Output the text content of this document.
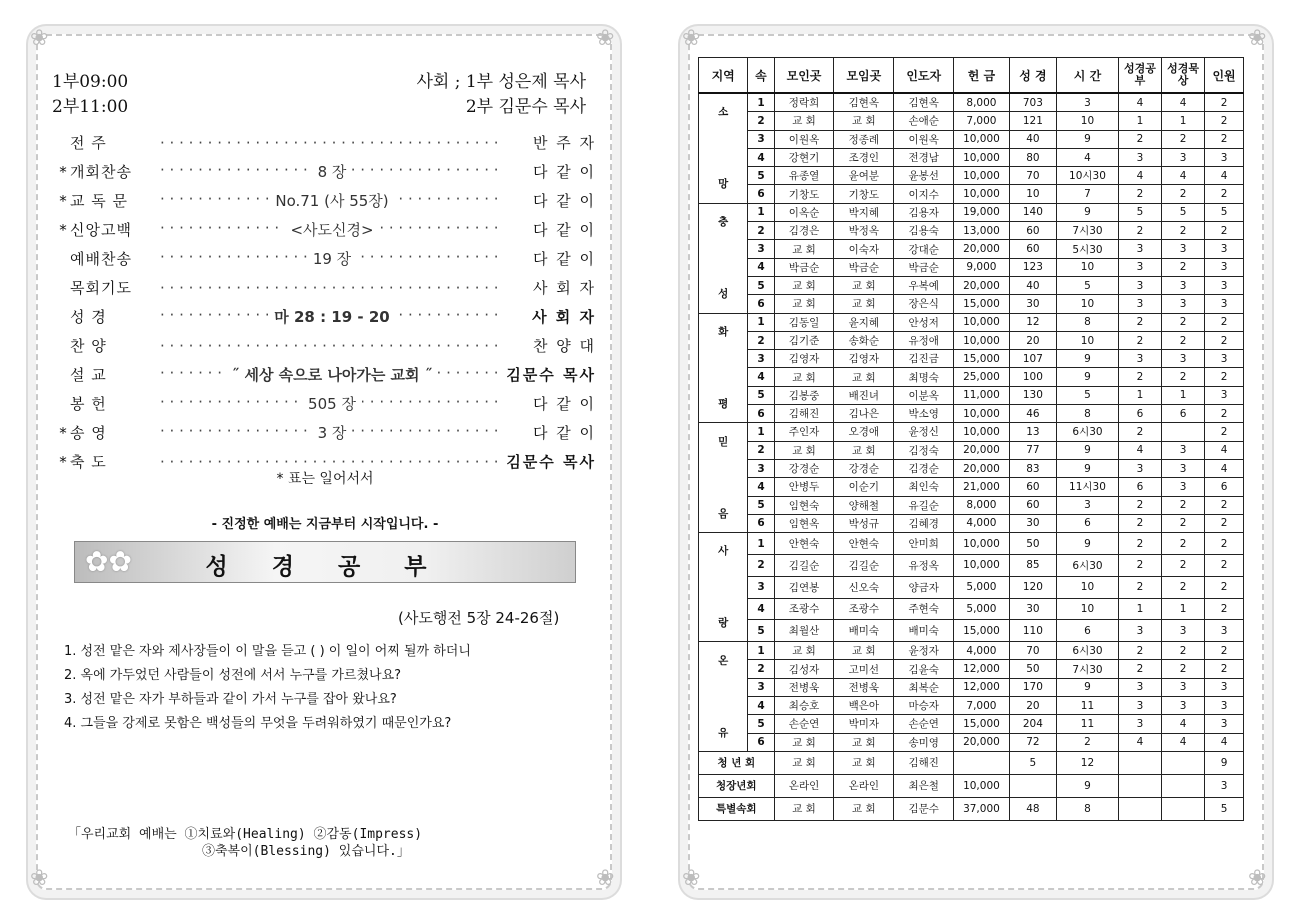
❀	❀
❀	❀
❀	❀
❀	❀
1부09:00
2부11:00
사회 ; 1부 성은제 목사
2부 김문수 목사
전 주 · · ·	반 주 자
* 개회찬송	· · · 8 장	다 같 이
* 교 독 문	· · · No.71 (사 55장)	다 같 이
* 신앙고백	· · · <사도신경>	다 같 이
예배찬송	· · · 19 장	다 같 이
목회기도 · · ·	사 회 자
성 경	· · · 마 28 : 19 - 20	사 회 자
찬 양 · · ·	찬 양 대
설 교	· · · ˝ 세상 속으로 나아가는 교회 ˝	김문수 목사
봉 헌	· · · 505 장	다 같 이
* 송 영	· · · 3 장	다 같 이
* 축 도 · · ·	김문수 목사
* 표는 일어서서
- 진정한 예배는 지금부터 시작입니다. -
✿✿	성 경 공 부
(사도행전 5장 24-26절)
1. 성전 맡은 자와 제사장들이 이 말을 듣고 ( ) 이 일이 어찌 될까 하더니
2. 옥에 가두었던 사람들이 성전에 서서 누구를 가르쳤나요?
3. 성전 맡은 자가 부하들과 같이 가서 누구를 잡아 왔나요?
4. 그들을 강제로 못함은 백성들의 무엇을 두려워하였기 때문인가요?
「우리교회 예배는 ①치료와(Healing) ②감동(Impress)
③축복이(Blessing) 있습니다.」
지역	속	모인곳	모임곳	인도자	헌 금	성 경	시 간	성경공부	성경묵상	인원
소

망	1	정락희	김현옥	김현옥	8,000	703	3	4	4	2
	2	교 회	교 회	손애순	7,000	121	10	1	1	2
	3	이원옥	정종례	이원옥	10,000	40	9	2	2	2
	4	강현기	조경인	전경남	10,000	80	4	3	3	3
	5	유종열	윤여분	윤봉선	10,000	70	10시30	4	4	4
	6	기창도	기창도	이지수	10,000	10	7	2	2	2
충

성	1	이옥순	박지혜	김용자	19,000	140	9	5	5	5
	2	김경은	박정옥	김용숙	13,000	60	7시30	2	2	2
	3	교 회	이숙자	강대순	20,000	60	5시30	3	3	3
	4	박금순	박금순	박금순	9,000	123	10	3	2	3
	5	교 회	교 회	우복예	20,000	40	5	3	3	3
	6	교 회	교 회	장은식	15,000	30	10	3	3	3
화

평	1	김동일	윤지혜	안성저	10,000	12	8	2	2	2
	2	김기준	송화순	유정애	10,000	20	10	2	2	2
	3	김영자	김영자	김진금	15,000	107	9	3	3	3
	4	교 회	교 회	최명숙	25,000	100	9	2	2	2
	5	김봉중	배진녀	이분옥	11,000	130	5	1	1	3
	6	김해진	김나은	박소영	10,000	46	8	6	6	2
믿

음	1	주인자	오경애	윤정신	10,000	13	6시30	2		2
	2	교 회	교 회	김정숙	20,000	77	9	4	3	4
	3	강경순	강경순	김경순	20,000	83	9	3	3	4
	4	안병두	이순기	최인숙	21,000	60	11시30	6	3	6
	5	임현숙	양해철	유길순	8,000	60	3	2	2	2
	6	임현옥	박성규	김혜경	4,000	30	6	2	2	2
사

랑	1	안현숙	안현숙	안미희	10,000	50	9	2	2	2
	2	김길순	김길순	유정옥	10,000	85	6시30	2	2	2
	3	김연봉	신오숙	양금자	5,000	120	10	2	2	2
	4	조광수	조광수	주현숙	5,000	30	10	1	1	2
	5	최월산	배미숙	배미숙	15,000	110	6	3	3	3
온

유	1	교 회	교 회	윤정자	4,000	70	6시30	2	2	2
	2	김성자	고미선	김윤숙	12,000	50	7시30	2	2	2
	3	전병욱	전병욱	최복순	12,000	170	9	3	3	3
	4	최승호	백은아	마승자	7,000	20	11	3	3	3
	5	손순연	박미자	손순연	15,000	204	11	3	4	3
	6	교 회	교 회	송미영	20,000	72	2	4	4	4
청 년 회		교 회	교 회	김해진		5	12			9
청장년회		온라인	온라인	최은철	10,000		9			3
특별속회		교 회	교 회	김문수	37,000	48	8			5
